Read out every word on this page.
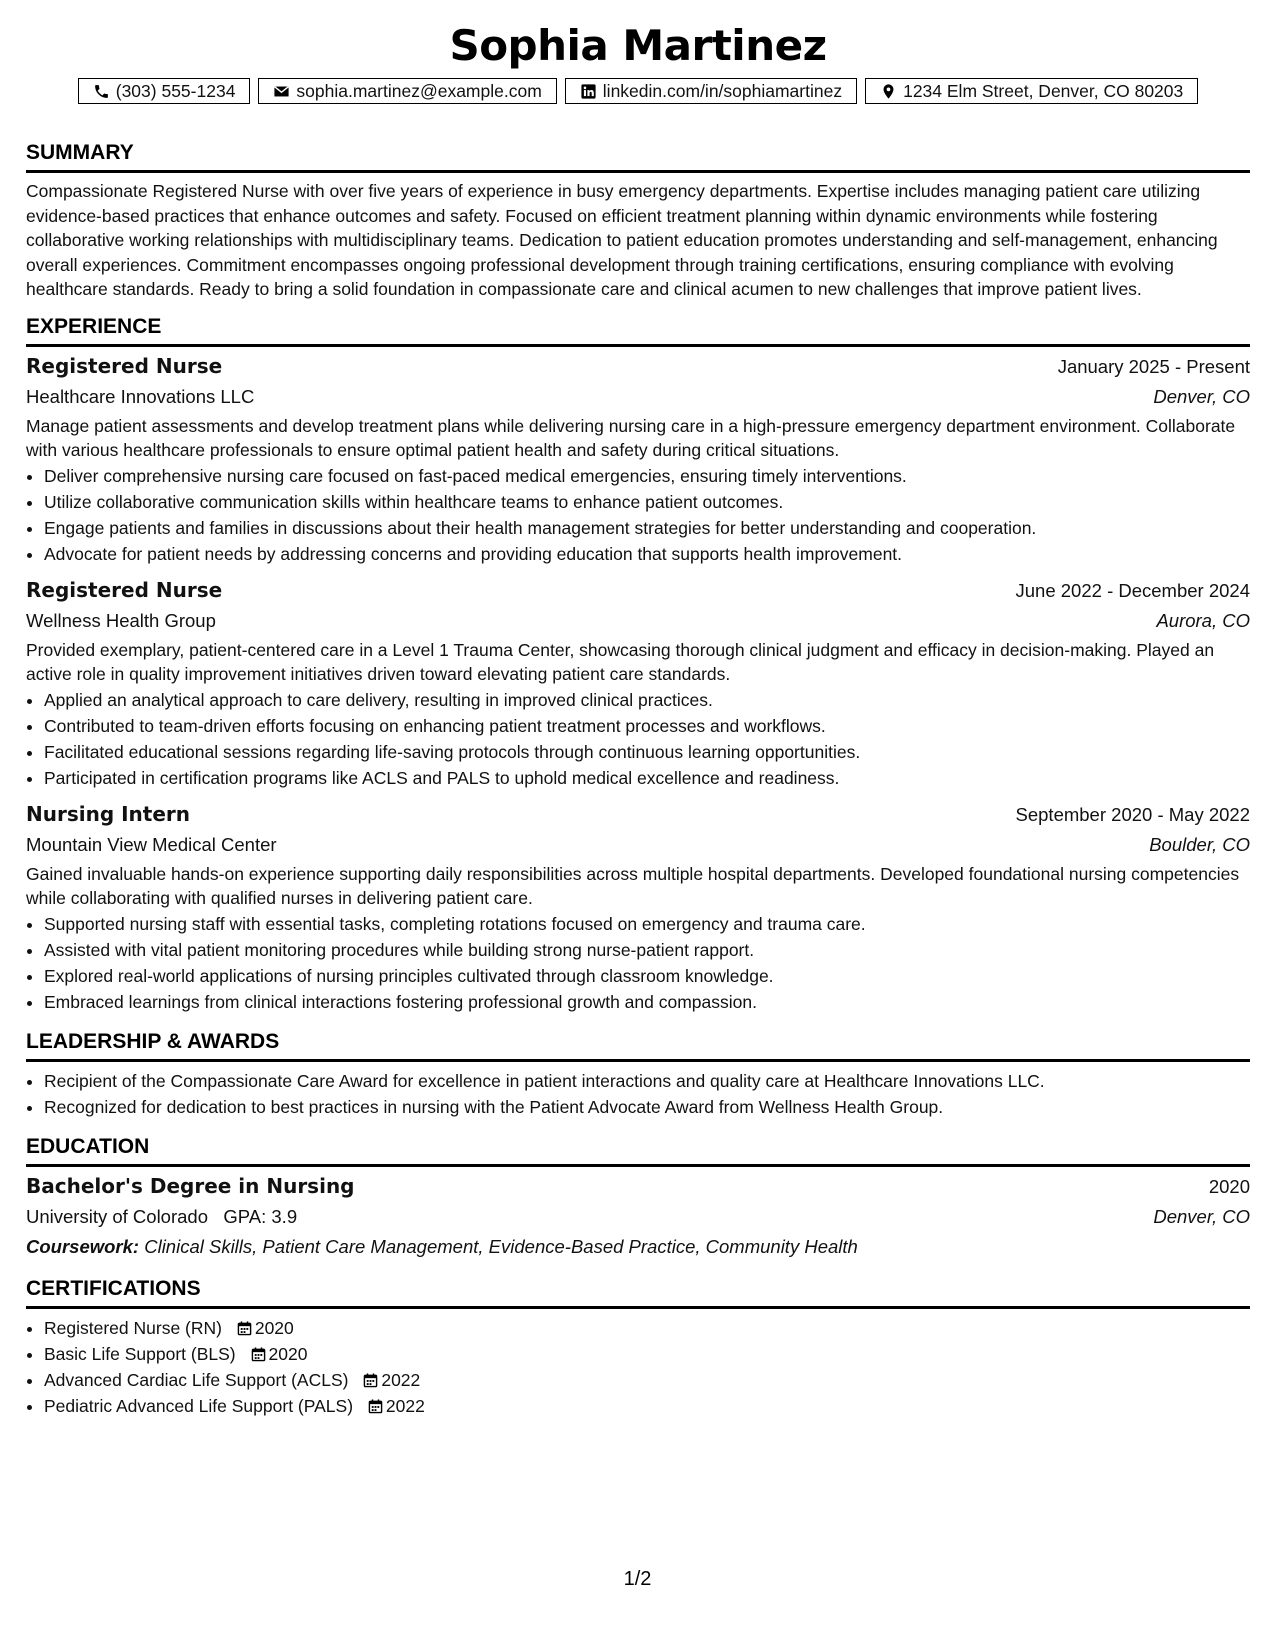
Sophia Martinez
(303) 555-1234	sophia.martinez@example.com	linkedin.com/in/sophiamartinez	1234 Elm Street, Denver, CO 80203
SUMMARY

Compassionate Registered Nurse with over five years of experience in busy emergency departments. Expertise includes managing patient care utilizing evidence-based practices that enhance outcomes and safety. Focused on efficient treatment planning within dynamic environments while fostering collaborative working relationships with multidisciplinary teams. Dedication to patient education promotes understanding and self-management, enhancing overall experiences. Commitment encompasses ongoing professional development through training certifications, ensuring compliance with evolving healthcare standards. Ready to bring a solid foundation in compassionate care and clinical acumen to new challenges that improve patient lives.

EXPERIENCE
Registered Nurse	January 2025 - Present
Healthcare Innovations LLC	Denver, CO

Manage patient assessments and develop treatment plans while delivering nursing care in a high-pressure emergency department environment. Collaborate with various healthcare professionals to ensure optimal patient health and safety during critical situations.

• Deliver comprehensive nursing care focused on fast-paced medical emergencies, ensuring timely interventions.
• Utilize collaborative communication skills within healthcare teams to enhance patient outcomes.
• Engage patients and families in discussions about their health management strategies for better understanding and cooperation.
• Advocate for patient needs by addressing concerns and providing education that supports health improvement.
Registered Nurse	June 2022 - December 2024
Wellness Health Group	Aurora, CO

Provided exemplary, patient-centered care in a Level 1 Trauma Center, showcasing thorough clinical judgment and efficacy in decision-making. Played an active role in quality improvement initiatives driven toward elevating patient care standards.

• Applied an analytical approach to care delivery, resulting in improved clinical practices.
• Contributed to team-driven efforts focusing on enhancing patient treatment processes and workflows.
• Facilitated educational sessions regarding life-saving protocols through continuous learning opportunities.
• Participated in certification programs like ACLS and PALS to uphold medical excellence and readiness.
Nursing Intern	September 2020 - May 2022
Mountain View Medical Center	Boulder, CO

Gained invaluable hands-on experience supporting daily responsibilities across multiple hospital departments. Developed foundational nursing competencies while collaborating with qualified nurses in delivering patient care.

• Supported nursing staff with essential tasks, completing rotations focused on emergency and trauma care.
• Assisted with vital patient monitoring procedures while building strong nurse-patient rapport.
• Explored real-world applications of nursing principles cultivated through classroom knowledge.
• Embraced learnings from clinical interactions fostering professional growth and compassion.
LEADERSHIP & AWARDS
• Recipient of the Compassionate Care Award for excellence in patient interactions and quality care at Healthcare Innovations LLC.
• Recognized for dedication to best practices in nursing with the Patient Advocate Award from Wellness Health Group.
EDUCATION
Bachelor's Degree in Nursing	2020
University of Colorado GPA: 3.9	Denver, CO
Coursework: Clinical Skills, Patient Care Management, Evidence-Based Practice, Community Health
CERTIFICATIONS
• Registered Nurse (RN) 2020
• Basic Life Support (BLS) 2020
• Advanced Cardiac Life Support (ACLS) 2022
• Pediatric Advanced Life Support (PALS) 2022
1/2
